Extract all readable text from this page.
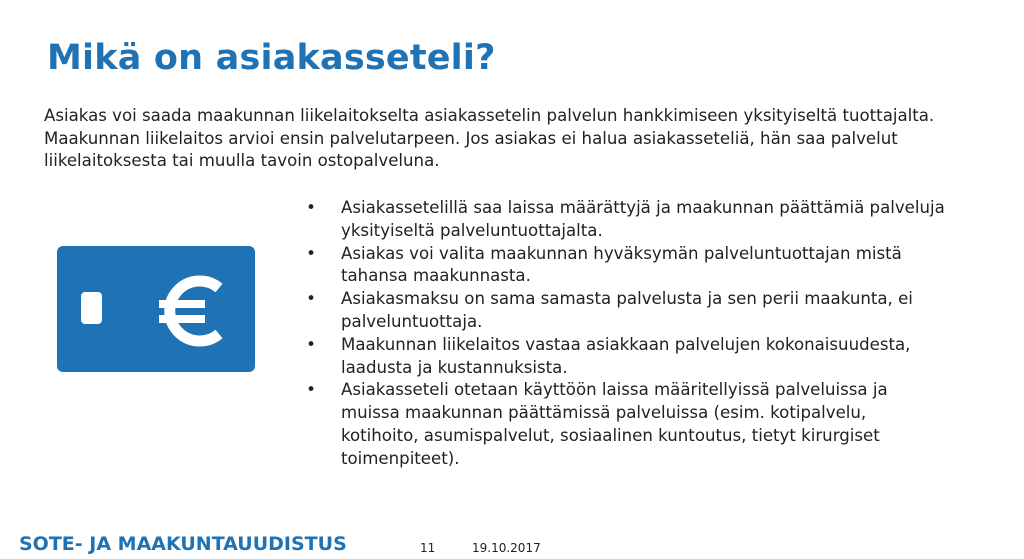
Mikä on asiakasseteli?
Asiakas voi saada maakunnan liikelaitokselta asiakassetelin palvelun hankkimiseen yksityiseltä tuottajalta. Maakunnan liikelaitos arvioi ensin palvelutarpeen. Jos asiakas ei halua asiakasseteliä, hän saa palvelut liikelaitoksesta tai muulla tavoin ostopalveluna.
• Asiakassetelillä saa laissa määrättyjä ja maakunnan päättämiä palveluja yksityiseltä palveluntuottajalta.
• Asiakas voi valita maakunnan hyväksymän palveluntuottajan mistä tahansa maakunnasta.
• Asiakasmaksu on sama samasta palvelusta ja sen perii maakunta, ei palveluntuottaja.
• Maakunnan liikelaitos vastaa asiakkaan palvelujen kokonaisuudesta, laadusta ja kustannuksista.
• Asiakasseteli otetaan käyttöön laissa määritellyissä palveluissa ja muissa maakunnan päättämissä palveluissa (esim. kotipalvelu, kotihoito, asumispalvelut, sosiaalinen kuntoutus, tietyt kirurgiset toimenpiteet).
SOTE- JA MAAKUNTAUUDISTUS	11	19.10.2017
